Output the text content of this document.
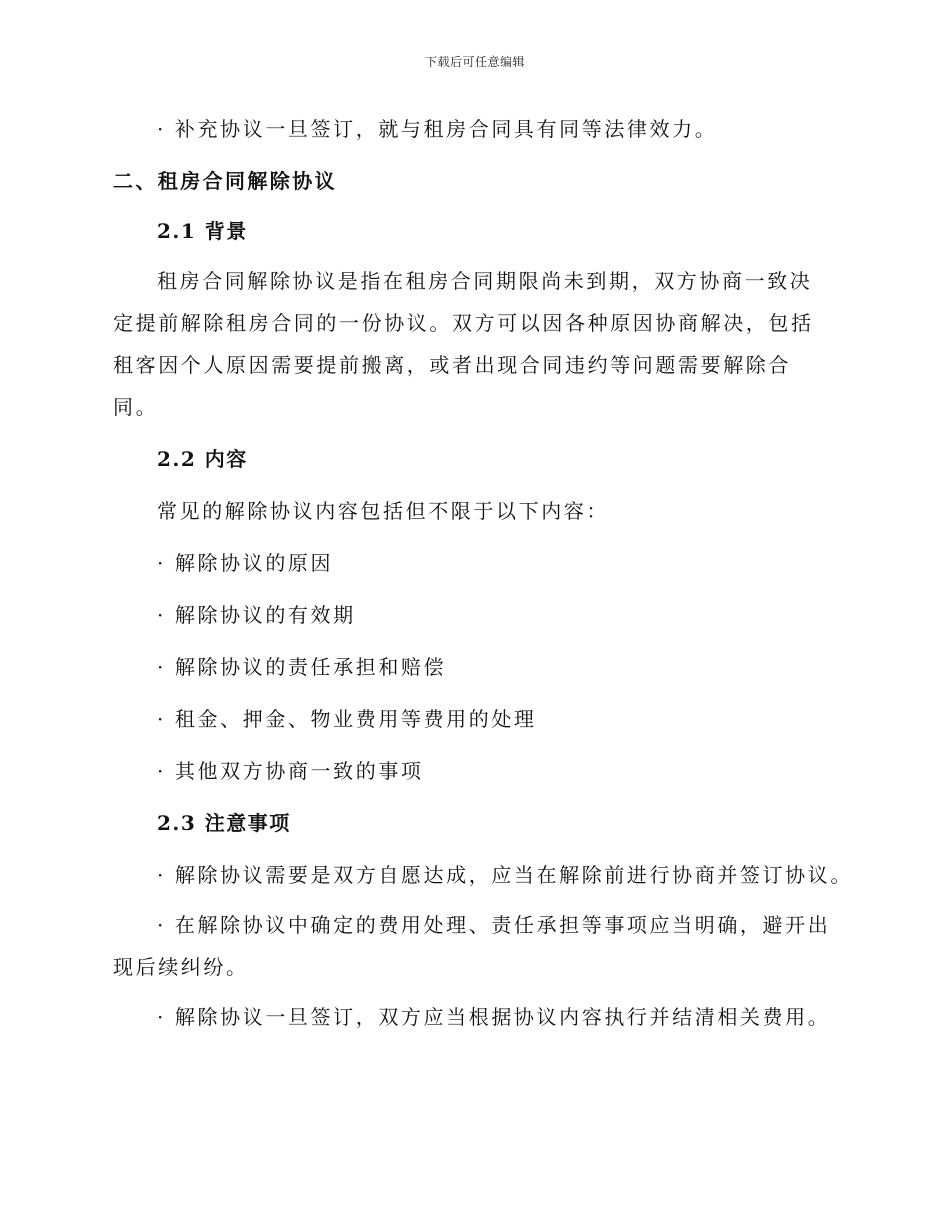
下载后可任意编辑

· 补充协议一旦签订，就与租房合同具有同等法律效力。

二、租房合同解除协议

2.1 背景

租房合同解除协议是指在租房合同期限尚未到期，双方协商一致决定提前解除租房合同的一份协议。双方可以因各种原因协商解决，包括租客因个人原因需要提前搬离，或者出现合同违约等问题需要解除合同。

2.2 内容

常见的解除协议内容包括但不限于以下内容：

· 解除协议的原因

· 解除协议的有效期

· 解除协议的责任承担和赔偿

· 租金、押金、物业费用等费用的处理

· 其他双方协商一致的事项

2.3 注意事项

· 解除协议需要是双方自愿达成，应当在解除前进行协商并签订协议。

· 在解除协议中确定的费用处理、责任承担等事项应当明确，避开出现后续纠纷。

· 解除协议一旦签订，双方应当根据协议内容执行并结清相关费用。
